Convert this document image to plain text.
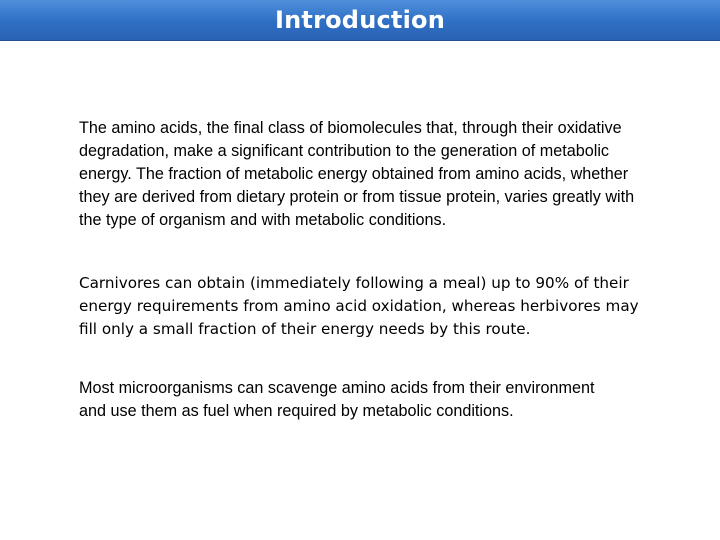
Introduction

The amino acids, the final class of biomolecules that, through their oxidative degradation, make a significant contribution to the generation of metabolic energy. The fraction of metabolic energy obtained from amino acids, whether they are derived from dietary protein or from tissue protein, varies greatly with the type of organism and with metabolic conditions.

Carnivores can obtain (immediately following a meal) up to 90% of their energy requirements from amino acid oxidation, whereas herbivores may fill only a small fraction of their energy needs by this route.

Most microorganisms can scavenge amino acids from their environment and use them as fuel when required by metabolic conditions.
